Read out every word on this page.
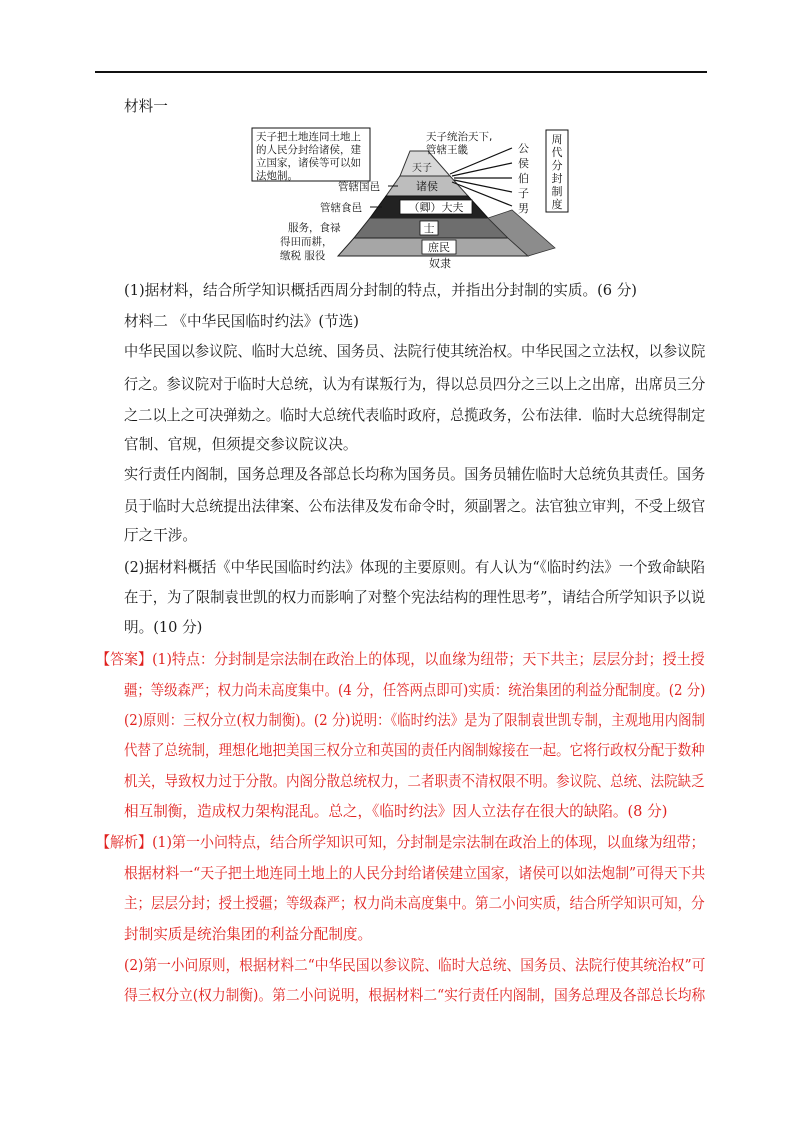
材料一
天子
诸侯
（卿）大夫
士
庶民
奴隶
天子把土地连同土地上
的人民分封给诸侯，建
立国家，诸侯等可以如
法炮制。
天子统治天下,
管辖王畿
管辖国邑
管辖食邑
服务，食禄
得田而耕，
缴税 服役
公
侯
伯
子
男
周
代
分
封
制
度
(1)据材料，结合所学知识概括西周分封制的特点，并指出分封制的实质。(6 分)
材料二 《中华民国临时约法》(节选)
中华民国以参议院、临时大总统、国务员、法院行使其统治权。中华民国之立法权，以参议院
行之。参议院对于临时大总统，认为有谋叛行为，得以总员四分之三以上之出席，出席员三分
之二以上之可决弹劾之。临时大总统代表临时政府，总揽政务，公布法律．临时大总统得制定
官制、官规，但须提交参议院议决。
实行责任内阁制，国务总理及各部总长均称为国务员。国务员辅佐临时大总统负其责任。国务
员于临时大总统提出法律案、公布法律及发布命令时，须副署之。法官独立审判，不受上级官
厅之干涉。
(2)据材料概括《中华民国临时约法》体现的主要原则。有人认为“《临时约法》一个致命缺陷
在于，为了限制袁世凯的权力而影响了对整个宪法结构的理性思考”，请结合所学知识予以说
明。(10 分)
【答案】(1)特点：分封制是宗法制在政治上的体现，以血缘为纽带；天下共主；层层分封；授土授
疆；等级森严；权力尚未高度集中。(4 分，任答两点即可)实质：统治集团的利益分配制度。(2 分)
(2)原则：三权分立(权力制衡)。(2 分)说明：《临时约法》是为了限制袁世凯专制，主观地用内阁制
代替了总统制，理想化地把美国三权分立和英国的责任内阁制嫁接在一起。它将行政权分配于数种
机关，导致权力过于分散。内阁分散总统权力，二者职责不清权限不明。参议院、总统、法院缺乏
相互制衡，造成权力架构混乱。总之，《临时约法》因人立法存在很大的缺陷。(8 分)
【解析】(1)第一小问特点，结合所学知识可知，分封制是宗法制在政治上的体现，以血缘为纽带；
根据材料一“天子把土地连同土地上的人民分封给诸侯建立国家，诸侯可以如法炮制”可得天下共
主；层层分封；授土授疆；等级森严；权力尚未高度集中。第二小问实质，结合所学知识可知，分
封制实质是统治集团的利益分配制度。
(2)第一小问原则，根据材料二“中华民国以参议院、临时大总统、国务员、法院行使其统治权”可
得三权分立(权力制衡)。第二小问说明，根据材料二“实行责任内阁制，国务总理及各部总长均称
